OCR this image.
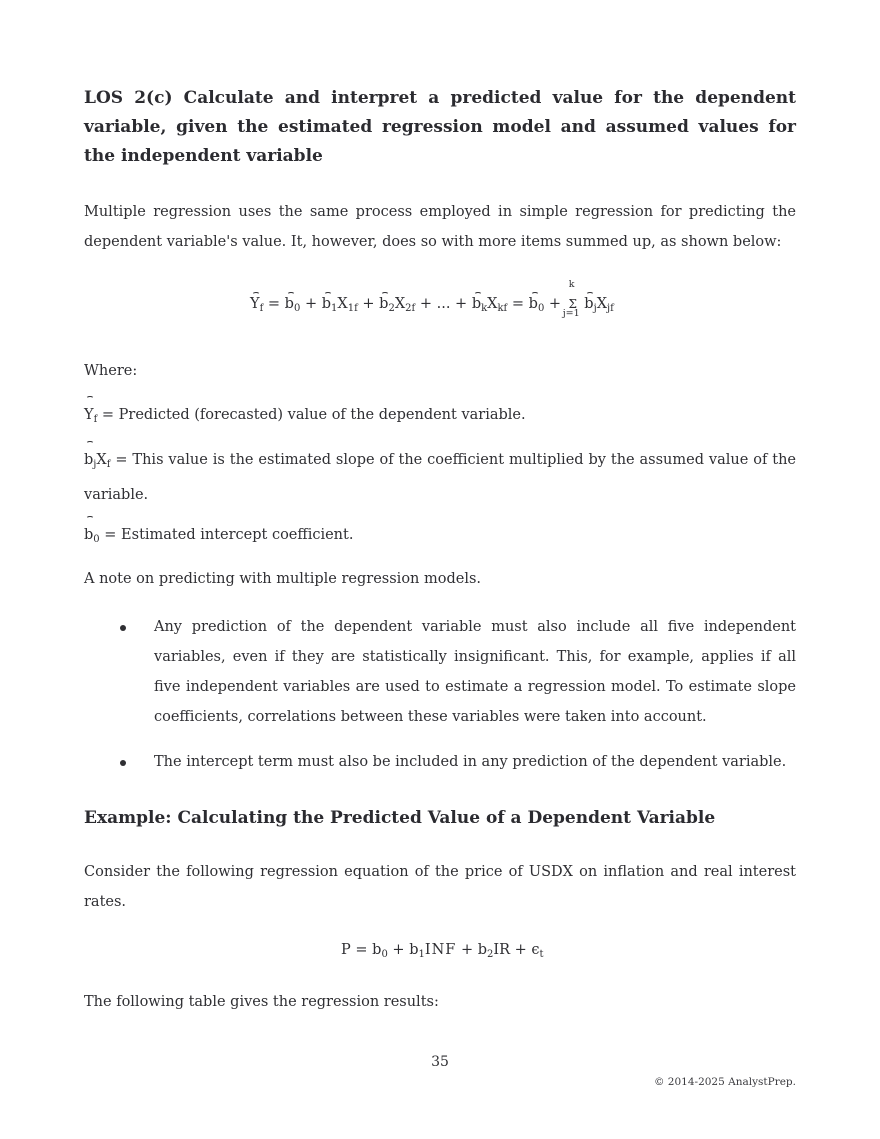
LOS 2(c) Calculate and interpret a predicted value for the dependent variable, given the estimated regression model and assumed values for the independent variable

Multiple regression uses the same process employed in simple regression for predicting the dependent variable's value. It, however, does so with more items summed up, as shown below:

$Y_f = b_0 + b_1X_{1f} + b_2X_{2f}$ + ... + $b_kX_{kf} = b_0$ +
k
Σ
j=1
$b_jX_{jf}$
Where:
$Y_f$ = Predicted (forecasted) value of the dependent variable.
$b_jX_f$ = This value is the estimated slope of the coefficient multiplied by the assumed value of the variable.
$b_0$ = Estimated intercept coefficient.
A note on predicting with multiple regression models.
Any prediction of the dependent variable must also include all five independent variables, even if they are statistically insignificant. This, for example, applies if all five independent variables are used to estimate a regression model. To estimate slope coefficients, correlations between these variables were taken into account.
The intercept term must also be included in any prediction of the dependent variable.
Example: Calculating the Predicted Value of a Dependent Variable

Consider the following regression equation of the price of USDX on inflation and real interest rates.

$P = b_0 + b_1INF + b_2IR + \epsilon_t$
The following table gives the regression results:
35
© 2014-2025 AnalystPrep.
